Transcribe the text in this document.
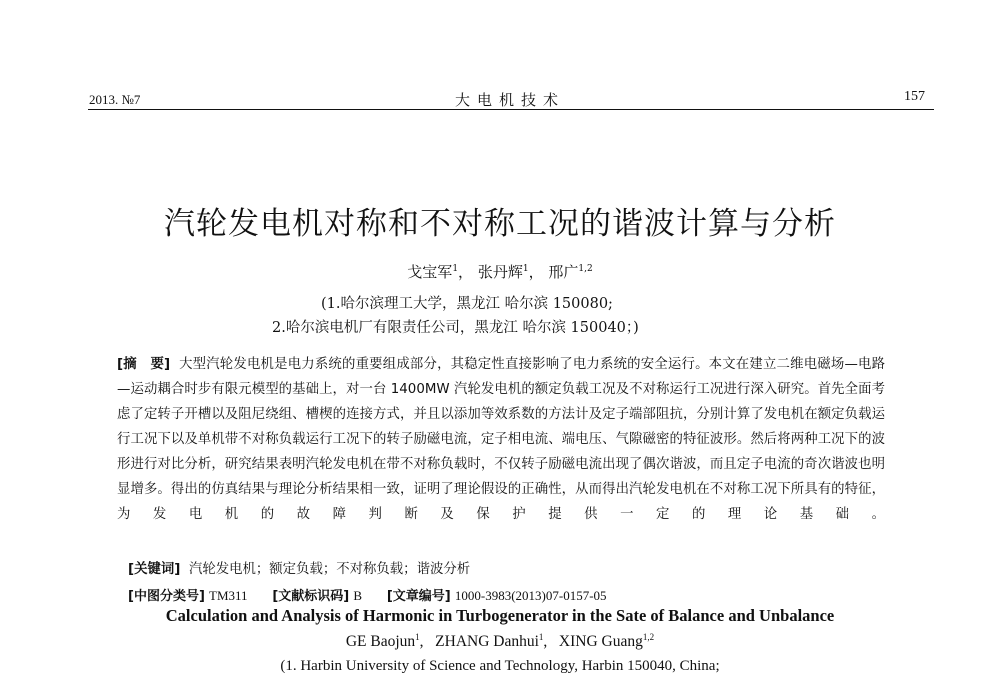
2013. №7	大电机技术	157
汽轮发电机对称和不对称工况的谐波计算与分析
戈宝军$^1$， 张丹辉$^1$， 邢广$^{1,2}$
(1.哈尔滨理工大学，黑龙江 哈尔滨 150080;
2.哈尔滨电机厂有限责任公司，黑龙江 哈尔滨 150040；)
[摘　要] 大型汽轮发电机是电力系统的重要组成部分，其稳定性直接影响了电力系统的安全运行。本文在建立二维电磁场—电路—运动耦合时步有限元模型的基础上，对一台 1400MW 汽轮发电机的额定负载工况及不对称运行工况进行深入研究。首先全面考虑了定转子开槽以及阻尼绕组、槽楔的连接方式，并且以添加等效系数的方法计及定子端部阻抗，分别计算了发电机在额定负载运行工况下以及单机带不对称负载运行工况下的转子励磁电流，定子相电流、端电压、气隙磁密的特征波形。然后将两种工况下的波形进行对比分析，研究结果表明汽轮发电机在带不对称负载时，不仅转子励磁电流出现了偶次谐波，而且定子电流的奇次谐波也明显增多。得出的仿真结果与理论分析结果相一致，证明了理论假设的正确性，从而得出汽轮发电机在不对称工况下所具有的特征，为发电机的故障判断及保护提供一定的理论基础。
[关键词] 汽轮发电机；额定负载；不对称负载；谐波分析
[中图分类号] TM311 [文献标识码] B [文章编号] 1000-3983(2013)07-0157-05
Calculation and Analysis of Harmonic in Turbogenerator in the Sate of Balance and Unbalance
GE Baojun$^1$,   ZHANG Danhui$^1$,   XING Guang$^{1,2}$
(1. Harbin University of Science and Technology, Harbin 150040, China;
